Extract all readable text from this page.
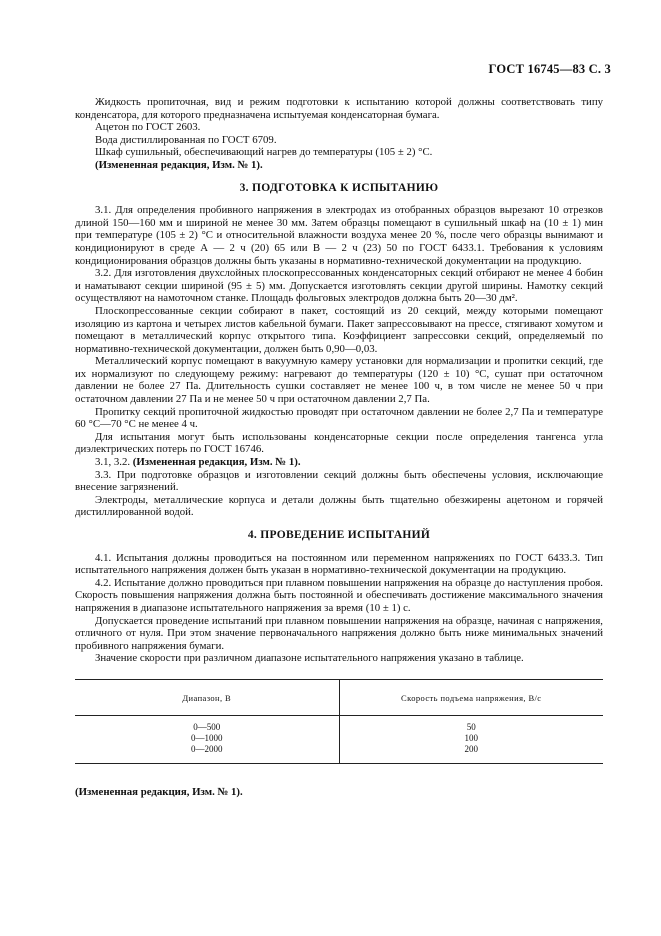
ГОСТ 16745—83 С. 3

Жидкость пропиточная, вид и режим подготовки к испытанию которой должны соответствовать типу конденсатора, для которого предназначена испытуемая конденсаторная бумага.

Ацетон по ГОСТ 2603.

Вода дистиллированная по ГОСТ 6709.

Шкаф сушильный, обеспечивающий нагрев до температуры (105 ± 2) °С.

(Измененная редакция, Изм. № 1).

3. ПОДГОТОВКА К ИСПЫТАНИЮ

3.1. Для определения пробивного напряжения в электродах из отобранных образцов вырезают 10 отрезков длиной 150—160 мм и шириной не менее 30 мм. Затем образцы помещают в сушильный шкаф на (10 ± 1) мин при температуре (105 ± 2) °С и относительной влажности воздуха менее 20 %, после чего образцы вынимают и кондиционируют в среде А — 2 ч (20) 65 или В — 2 ч (23) 50 по ГОСТ 6433.1. Требования к условиям кондиционирования образцов должны быть указаны в нормативно-технической документации на продукцию.

3.2. Для изготовления двухслойных плоскопрессованных конденсаторных секций отбирают не менее 4 бобин и наматывают секции шириной (95 ± 5) мм. Допускается изготовлять секции другой ширины. Намотку секций осуществляют на намоточном станке. Площадь фольговых электродов должна быть 20—30 дм².

Плоскопрессованные секции собирают в пакет, состоящий из 20 секций, между которыми помещают изоляцию из картона и четырех листов кабельной бумаги. Пакет запрессовывают на прессе, стягивают хомутом и помещают в металлический корпус открытого типа. Коэффициент запрессовки секций, определяемый по нормативно-технической документации, должен быть 0,90—0,03.

Металлический корпус помещают в вакуумную камеру установки для нормализации и пропитки секций, где их нормализуют по следующему режиму: нагревают до температуры (120 ± 10) °С, сушат при остаточном давлении не более 27 Па. Длительность сушки составляет не менее 100 ч, в том числе не менее 50 ч при остаточном давлении 27 Па и не менее 50 ч при остаточном давлении 2,7 Па.

Пропитку секций пропиточной жидкостью проводят при остаточном давлении не более 2,7 Па и температуре 60 °С—70 °С не менее 4 ч.

Для испытания могут быть использованы конденсаторные секции после определения тангенса угла диэлектрических потерь по ГОСТ 16746.

3.1, 3.2. (Измененная редакция, Изм. № 1).

3.3. При подготовке образцов и изготовлении секций должны быть обеспечены условия, исключающие внесение загрязнений.

Электроды, металлические корпуса и детали должны быть тщательно обезжирены ацетоном и горячей дистиллированной водой.

4. ПРОВЕДЕНИЕ ИСПЫТАНИЙ

4.1. Испытания должны проводиться на постоянном или переменном напряжениях по ГОСТ 6433.3. Тип испытательного напряжения должен быть указан в нормативно-технической документации на продукцию.

4.2. Испытание должно проводиться при плавном повышении напряжения на образце до наступления пробоя. Скорость повышения напряжения должна быть постоянной и обеспечивать достижение максимального значения напряжения в диапазоне испытательного напряжения за время (10 ± 1) с.

Допускается проведение испытаний при плавном повышении напряжения на образце, начиная с напряжения, отличного от нуля. При этом значение первоначального напряжения должно быть ниже минимальных значений пробивного напряжения бумаги.

Значение скорости при различном диапазоне испытательного напряжения указано в таблице.

Диапазон, В	Скорость подъема напряжения, В/с
0—500	50
0—1000	100
0—2000	200
(Измененная редакция, Изм. № 1).
